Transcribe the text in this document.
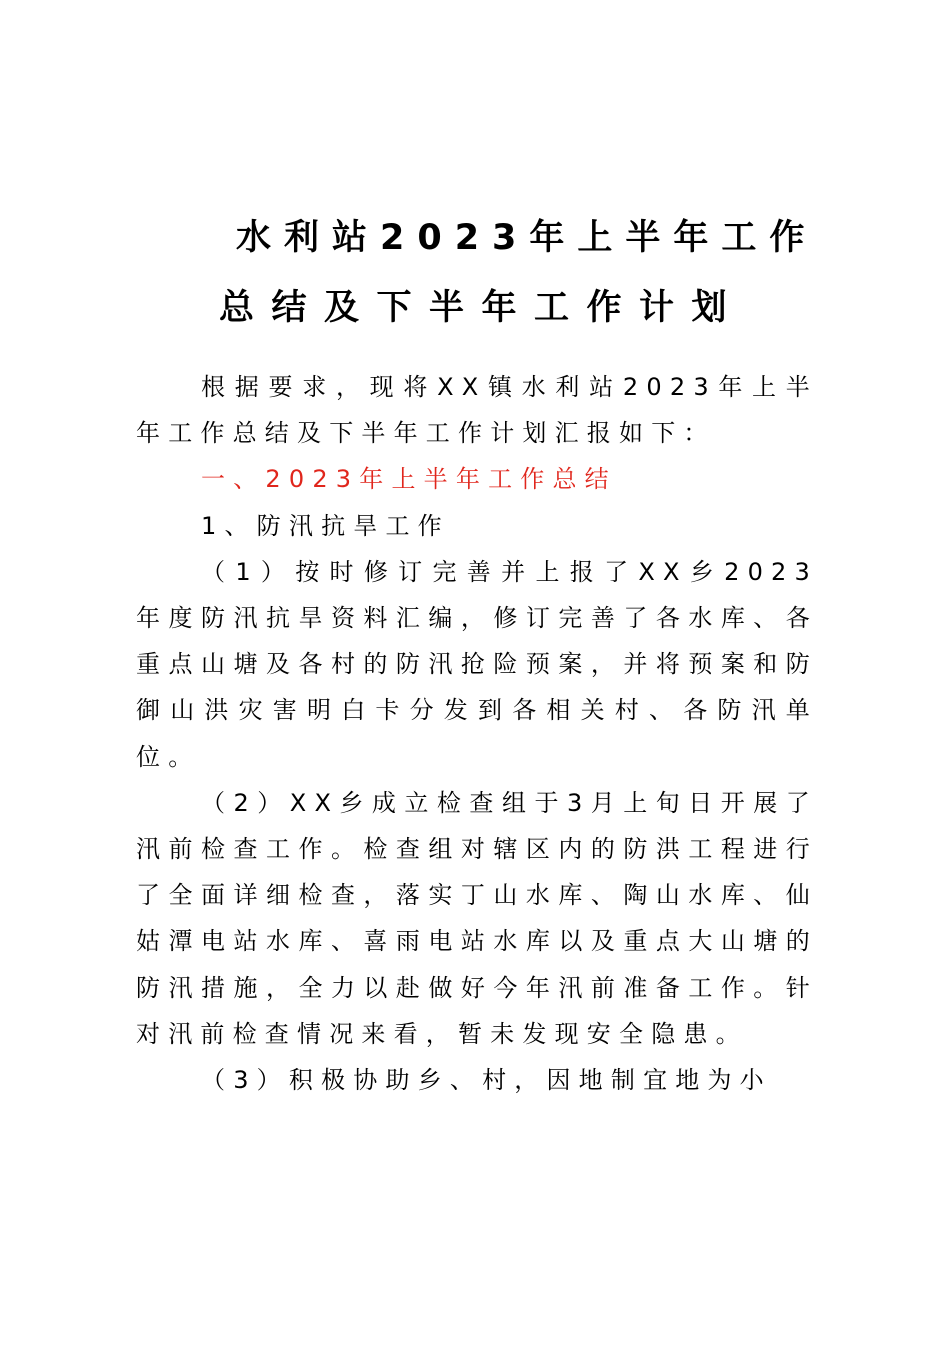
水利站2023年上半年工作
总结及下半年工作计划

根据要求，现将XX镇水利站2023年上半年工作总结及下半年工作计划汇报如下：

一、2023年上半年工作总结

1、防汛抗旱工作

（1）按时修订完善并上报了XX乡2023年度防汛抗旱资料汇编，修订完善了各水库、各重点山塘及各村的防汛抢险预案，并将预案和防御山洪灾害明白卡分发到各相关村、各防汛单位。

（2）XX乡成立检查组于3月上旬日开展了汛前检查工作。检查组对辖区内的防洪工程进行了全面详细检查，落实丁山水库、陶山水库、仙姑潭电站水库、喜雨电站水库以及重点大山塘的防汛措施，全力以赴做好今年汛前准备工作。针对汛前检查情况来看，暂未发现安全隐患。

（3）积极协助乡、村，因地制宜地为小
